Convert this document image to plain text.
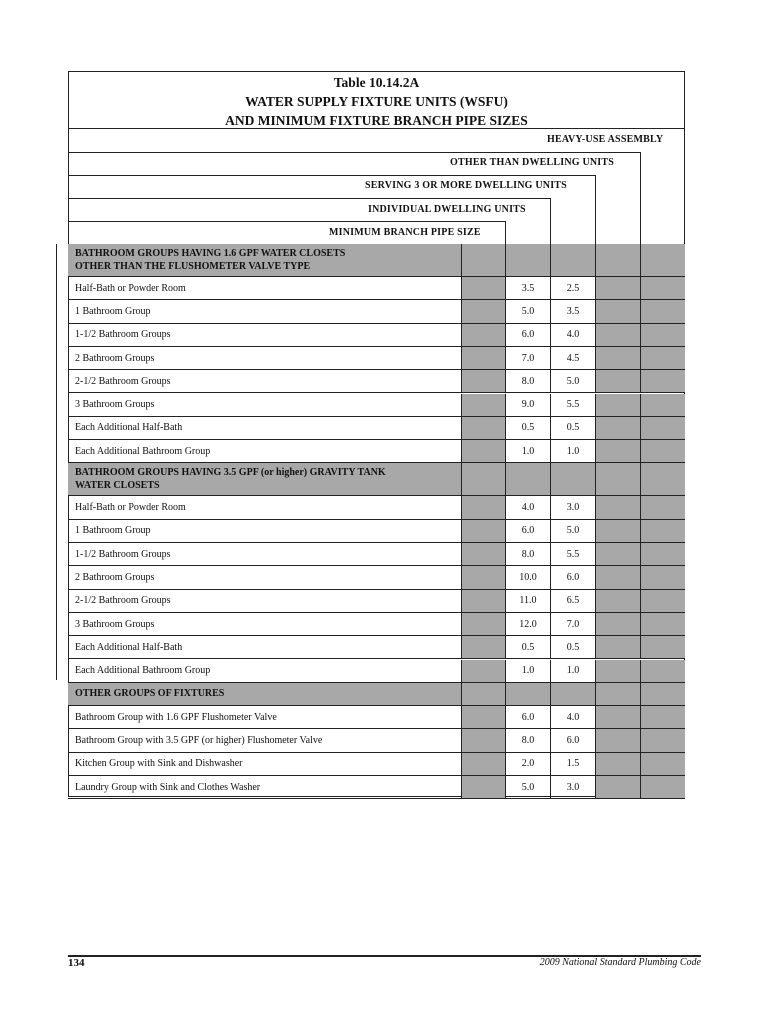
Table 10.14.2A
WATER SUPPLY FIXTURE UNITS (WSFU)
AND MINIMUM FIXTURE BRANCH PIPE SIZES
HEAVY-USE ASSEMBLY
OTHER THAN DWELLING UNITS
SERVING 3 OR MORE DWELLING UNITS
INDIVIDUAL DWELLING UNITS
MINIMUM BRANCH PIPE SIZE
BATHROOM GROUPS HAVING 1.6 GPF WATER CLOSETS
OTHER THAN THE FLUSHOMETER VALVE TYPE
Half-Bath or Powder Room	3.5	2.5
1 Bathroom Group	5.0	3.5
1-1/2 Bathroom Groups	6.0	4.0
2 Bathroom Groups	7.0	4.5
2-1/2 Bathroom Groups	8.0	5.0
3 Bathroom Groups	9.0	5.5
Each Additional Half-Bath	0.5	0.5
Each Additional Bathroom Group	1.0	1.0
BATHROOM GROUPS HAVING 3.5 GPF (or higher) GRAVITY TANK
WATER CLOSETS
Half-Bath or Powder Room	4.0	3.0
1 Bathroom Group	6.0	5.0
1-1/2 Bathroom Groups	8.0	5.5
2 Bathroom Groups	10.0	6.0
2-1/2 Bathroom Groups	11.0	6.5
3 Bathroom Groups	12.0	7.0
Each Additional Half-Bath	0.5	0.5
Each Additional Bathroom Group	1.0	1.0
OTHER GROUPS OF FIXTURES
Bathroom Group with 1.6 GPF Flushometer Valve	6.0	4.0
Bathroom Group with 3.5 GPF (or higher) Flushometer Valve	8.0	6.0
Kitchen Group with Sink and Dishwasher	2.0	1.5
Laundry Group with Sink and Clothes Washer	5.0	3.0
134	2009 National Standard Plumbing Code
